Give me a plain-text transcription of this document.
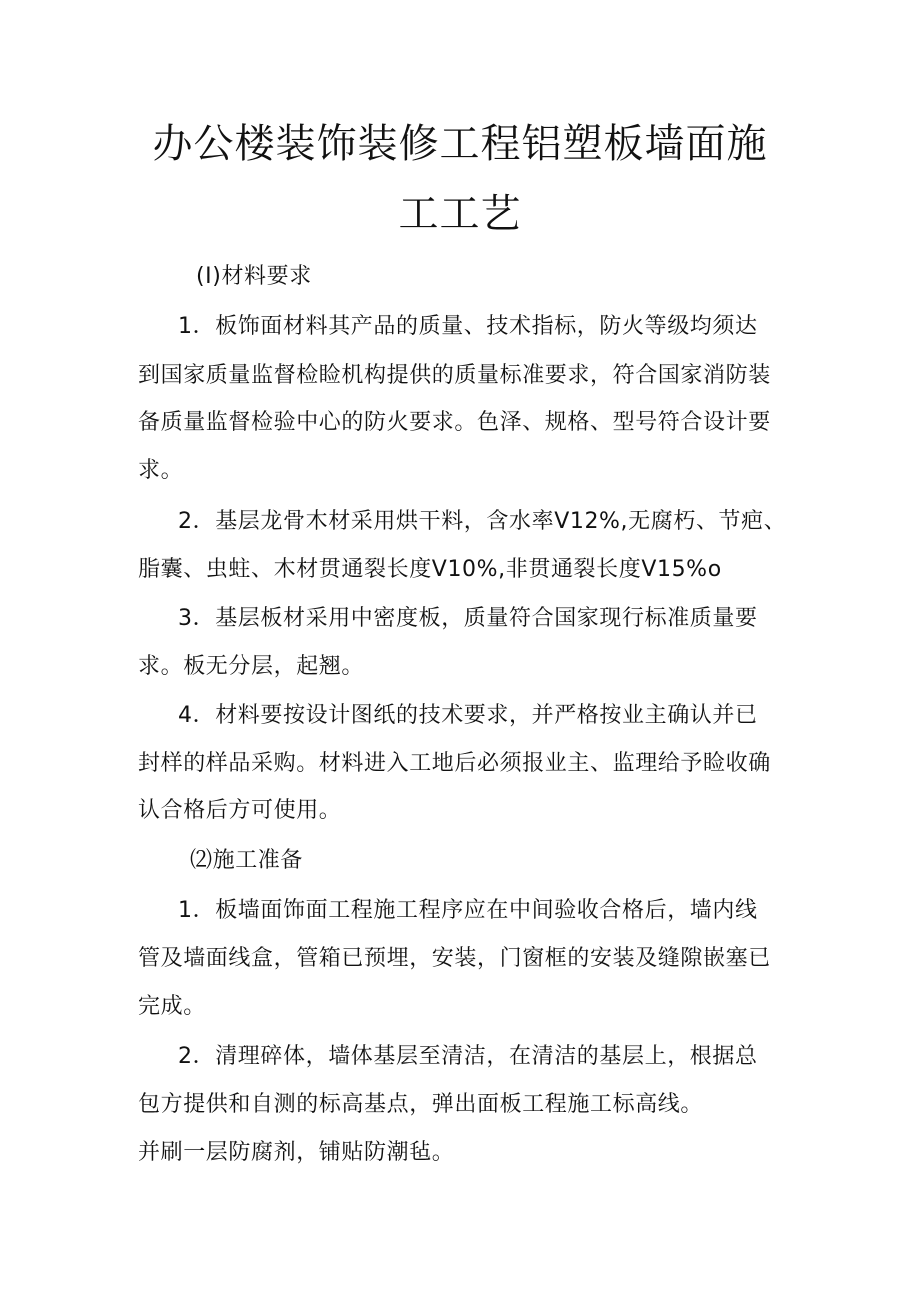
办公楼装饰装修工程铝塑板墙面施
工工艺

(I)材料要求

1．板饰面材料其产品的质量、技术指标，防火等级均须达

到国家质量监督检睑机构提供的质量标准要求，符合国家消防装

备质量监督检验中心的防火要求。色泽、规格、型号符合设计要

求。

2．基层龙骨木材采用烘干料，含水率V12%,无腐朽、节疤、

脂囊、虫蛀、木材贯通裂长度V10%,非贯通裂长度V15%o

3．基层板材采用中密度板，质量符合国家现行标准质量要

求。板无分层，起翘。

4．材料要按设计图纸的技术要求，并严格按业主确认并已

封样的样品采购。材料进入工地后必须报业主、监理给予睑收确

认合格后方可使用。

⑵施工准备

1．板墙面饰面工程施工程序应在中间验收合格后，墙内线

管及墙面线盒，管箱已预埋，安装，门窗框的安装及缝隙嵌塞已

完成。

2．清理碎体，墙体基层至清洁，在清洁的基层上，根据总

包方提供和自测的标高基点，弹出面板工程施工标高线。

并刷一层防腐剂，铺贴防潮毡。
